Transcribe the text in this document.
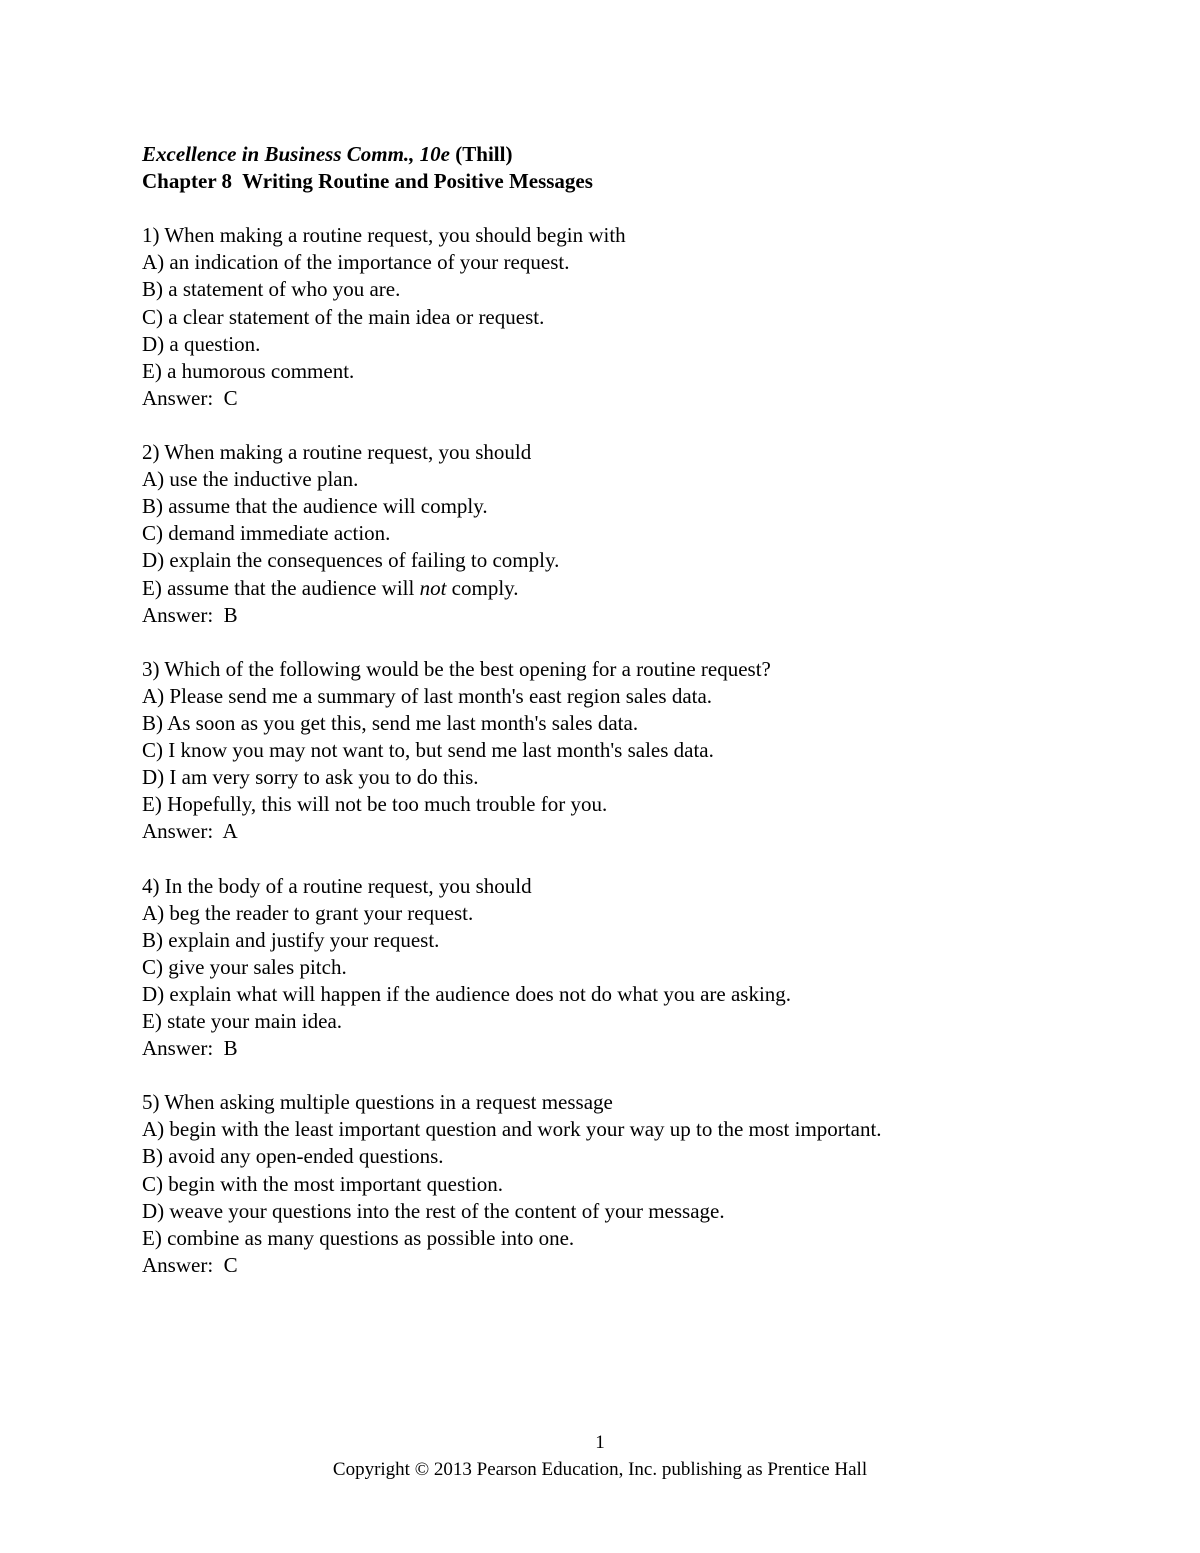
Excellence in Business Comm., 10e (Thill)
Chapter 8  Writing Routine and Positive Messages
1) When making a routine request, you should begin with
A) an indication of the importance of your request.
B) a statement of who you are.
C) a clear statement of the main idea or request.
D) a question.
E) a humorous comment.
Answer:  C
2) When making a routine request, you should
A) use the inductive plan.
B) assume that the audience will comply.
C) demand immediate action.
D) explain the consequences of failing to comply.
E) assume that the audience will not comply.
Answer:  B
3) Which of the following would be the best opening for a routine request?
A) Please send me a summary of last month's east region sales data.
B) As soon as you get this, send me last month's sales data.
C) I know you may not want to, but send me last month's sales data.
D) I am very sorry to ask you to do this.
E) Hopefully, this will not be too much trouble for you.
Answer:  A
4) In the body of a routine request, you should
A) beg the reader to grant your request.
B) explain and justify your request.
C) give your sales pitch.
D) explain what will happen if the audience does not do what you are asking.
E) state your main idea.
Answer:  B
5) When asking multiple questions in a request message
A) begin with the least important question and work your way up to the most important.
B) avoid any open-ended questions.
C) begin with the most important question.
D) weave your questions into the rest of the content of your message.
E) combine as many questions as possible into one.
Answer:  C
1
Copyright © 2013 Pearson Education, Inc. publishing as Prentice Hall
